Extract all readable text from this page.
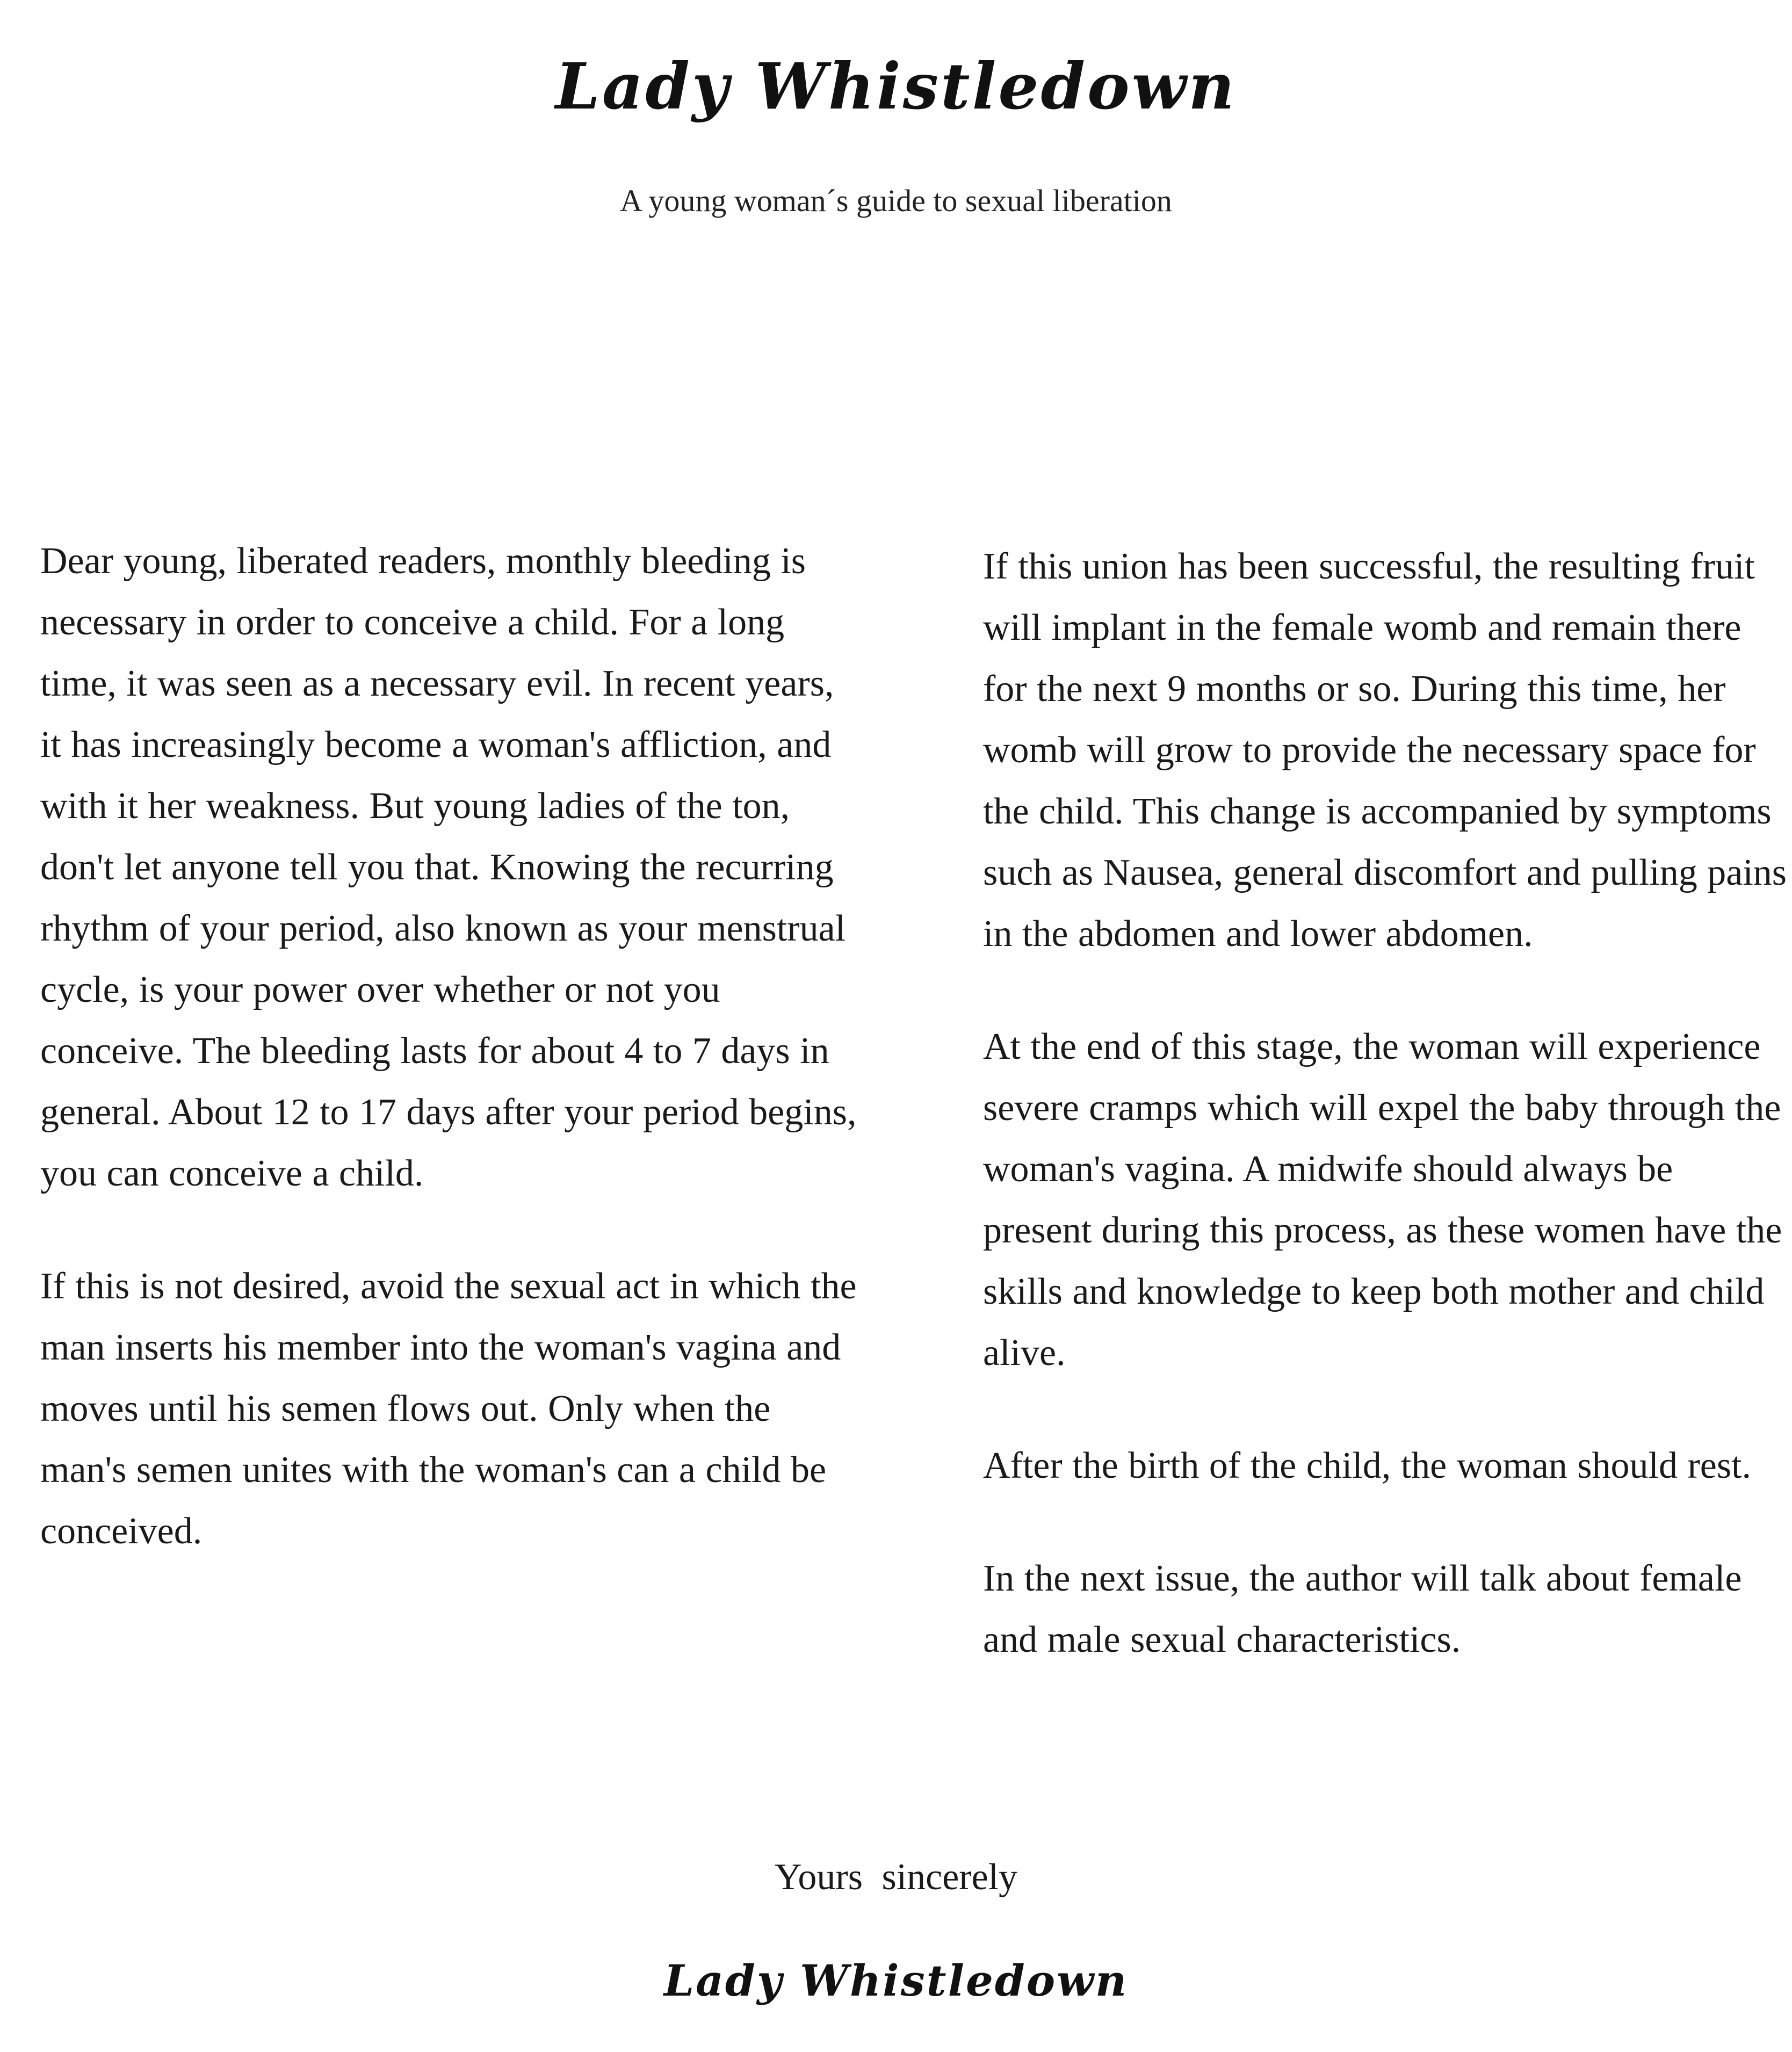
Lady Whistledown
A young woman´s guide to sexual liberation

Dear young, liberated readers, monthly bleeding is necessary in order to conceive a child. For a long time, it was seen as a necessary evil. In recent years, it has increasingly become a woman's affliction, and with it her weakness. But young ladies of the ton, don't let anyone tell you that. Knowing the recurring rhythm of your period, also known as your menstrual cycle, is your power over whether or not you conceive. The bleeding lasts for about 4 to 7 days in general. About 12 to 17 days after your period begins, you can conceive a child.

If this is not desired, avoid the sexual act in which the man inserts his member into the woman's vagina and moves until his semen flows out. Only when the man's semen unites with the woman's can a child be conceived.

If this union has been successful, the resulting fruit will implant in the female womb and remain there for the next 9 months or so. During this time, her womb will grow to provide the necessary space for the child. This change is accompanied by symptoms such as Nausea, general discomfort and pulling pains in the abdomen and lower abdomen.

At the end of this stage, the woman will experience severe cramps which will expel the baby through the woman's vagina. A midwife should always be present during this process, as these women have the skills and knowledge to keep both mother and child alive.

After the birth of the child, the woman should rest.

In the next issue, the author will talk about female and male sexual characteristics.

Yours sincerely
Lady Whistledown
